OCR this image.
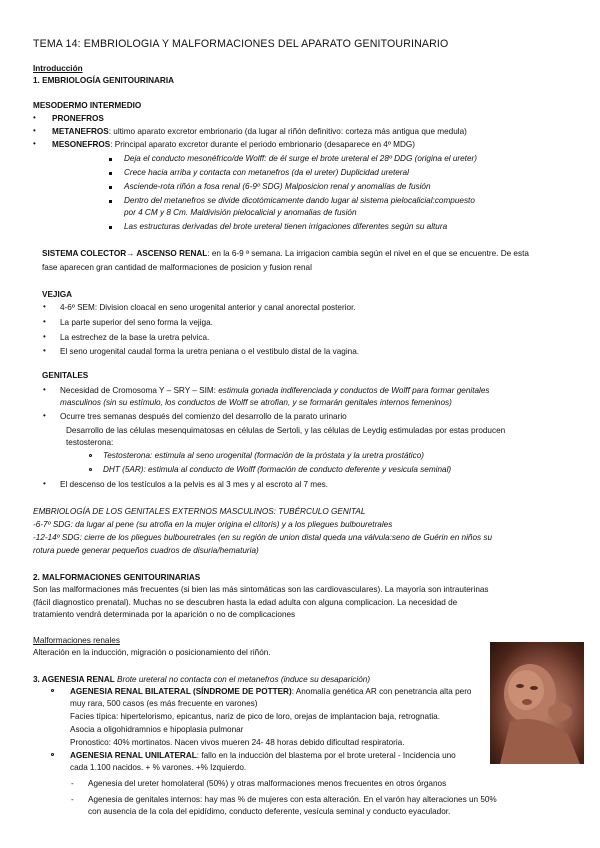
TEMA 14: EMBRIOLOGIA Y MALFORMACIONES DEL APARATO GENITOURINARIO
Introducción
1. EMBRIOLOGÍA GENITOURINARIA
MESODERMO INTERMEDIO
• PRONEFROS
• METANEFROS: ultimo aparato excretor embrionario (da lugar al riñón definitivo: corteza más antigua que medula)
• MESONEFROS: Principal aparato excretor durante el periodo embrionario (desaparece en 4º MDG)
Deja el conducto mesonéfrico/de Wolff: de él surge el brote ureteral el 28º DDG (origina el ureter)
Crece hacia arriba y contacta con metanefros (da el ureter) Duplicidad ureteral
Asciende-rota riñón a fosa renal (6-9º SDG) Malposicion renal y anomalías de fusión
Dentro del metanefros se divide dicotómicamente dando lugar al sistema pielocalicial:compuesto
por 4 CM y 8 Cm. Maldivisión pielocalicial y anomalias de fusión
Las estructuras derivadas del brote ureteral tienen irrigaciones diferentes según su altura
SISTEMA COLECTOR→ ASCENSO RENAL: en la 6-9 ª semana. La irrigacion cambia según el nivel en el que se encuentre. De esta
fase aparecen gran cantidad de malformaciones de posicion y fusion renal
VEJIGA
• 4-6º SEM: Division cloacal en seno urogenital anterior y canal anorectal posterior.
• La parte superior del seno forma la vejiga.
• La estrechez de la base la uretra pelvica.
• El seno urogenital caudal forma la uretra peniana o el vestibulo distal de la vagina.
GENITALES
• Necesidad de Cromosoma Y – SRY – SIM: estimula gonada indiferenciada y conductos de Wolff para formar genitales
masculinos (sin su estímulo, los conductos de Wolff se atrofian, y se formarán genitales internos femeninos)
• Ocurre tres semanas después del comienzo del desarrollo de la parato urinario
Desarrollo de las células mesenquimatosas en células de Sertoli, y las células de Leydig estimuladas por estas producen
testosterona:
Testosterona: estimula al seno urogenital (formación de la próstata y la uretra prostático)
DHT (5AR): estimula al conducto de Wolff (formación de conducto deferente y vesicula seminal)
• El descenso de los testículos a la pelvis es al 3 mes y al escroto al 7 mes.
EMBRIOLOGÍA DE LOS GENITALES EXTERNOS MASCULINOS: TUBÉRCULO GENITAL
-6-7º SDG: da lugar al pene (su atrofia en la mujer origina el clítoris) y a los pliegues bulbouretrales
-12-14º SDG: cierre de los pliegues bulbouretrales (en su región de union distal queda una válvula:seno de Guérin en niños su
rotura puede generar pequeños cuadros de disuria/hematuria)
2. MALFORMACIONES GENITOURINARIAS
Son las malformaciones más frecuentes (si bien las más sintomáticas son las cardiovasculares). La mayoría son intrauterinas
(fácil diagnostico prenatal). Muchas no se descubren hasta la edad adulta con alguna complicacion. La necesidad de
tratamiento vendrá determinada por la aparición o no de complicaciones
Malformaciones renales
Alteración en la inducción, migración o posicionamiento del riñón.
3. AGENESIA RENAL Brote ureteral no contacta con el metanefros (induce su desaparición)
AGENESIA RENAL BILATERAL (SÍNDROME DE POTTER): Anomalía genética AR con penetrancia alta pero
muy rara, 500 casos (es más frecuente en varones)
Facies típica: hipertelorismo, epicantus, nariz de pico de loro, orejas de implantacion baja, retrognatia.
Asocia a oligohidramnios e hipoplasia pulmonar
Pronostico: 40% mortinatos. Nacen vivos mueren 24- 48 horas debido dificultad respiratoria.
AGENESIA RENAL UNILATERAL: fallo en la inducción del blastema por el brote ureteral - Incidencia uno
cada 1.100 nacidos. + % varones. +% Izquierdo.
- Agenesia del ureter homolateral (50%) y otras malformaciones menos frecuentes en otros órganos
- Agenesia de genitales internos: hay mas % de mujeres con esta alteración. En el varón hay alteraciones un 50%
con ausencia de la cola del epidídimo, conducto deferente, vesícula seminal y conducto eyaculador.
